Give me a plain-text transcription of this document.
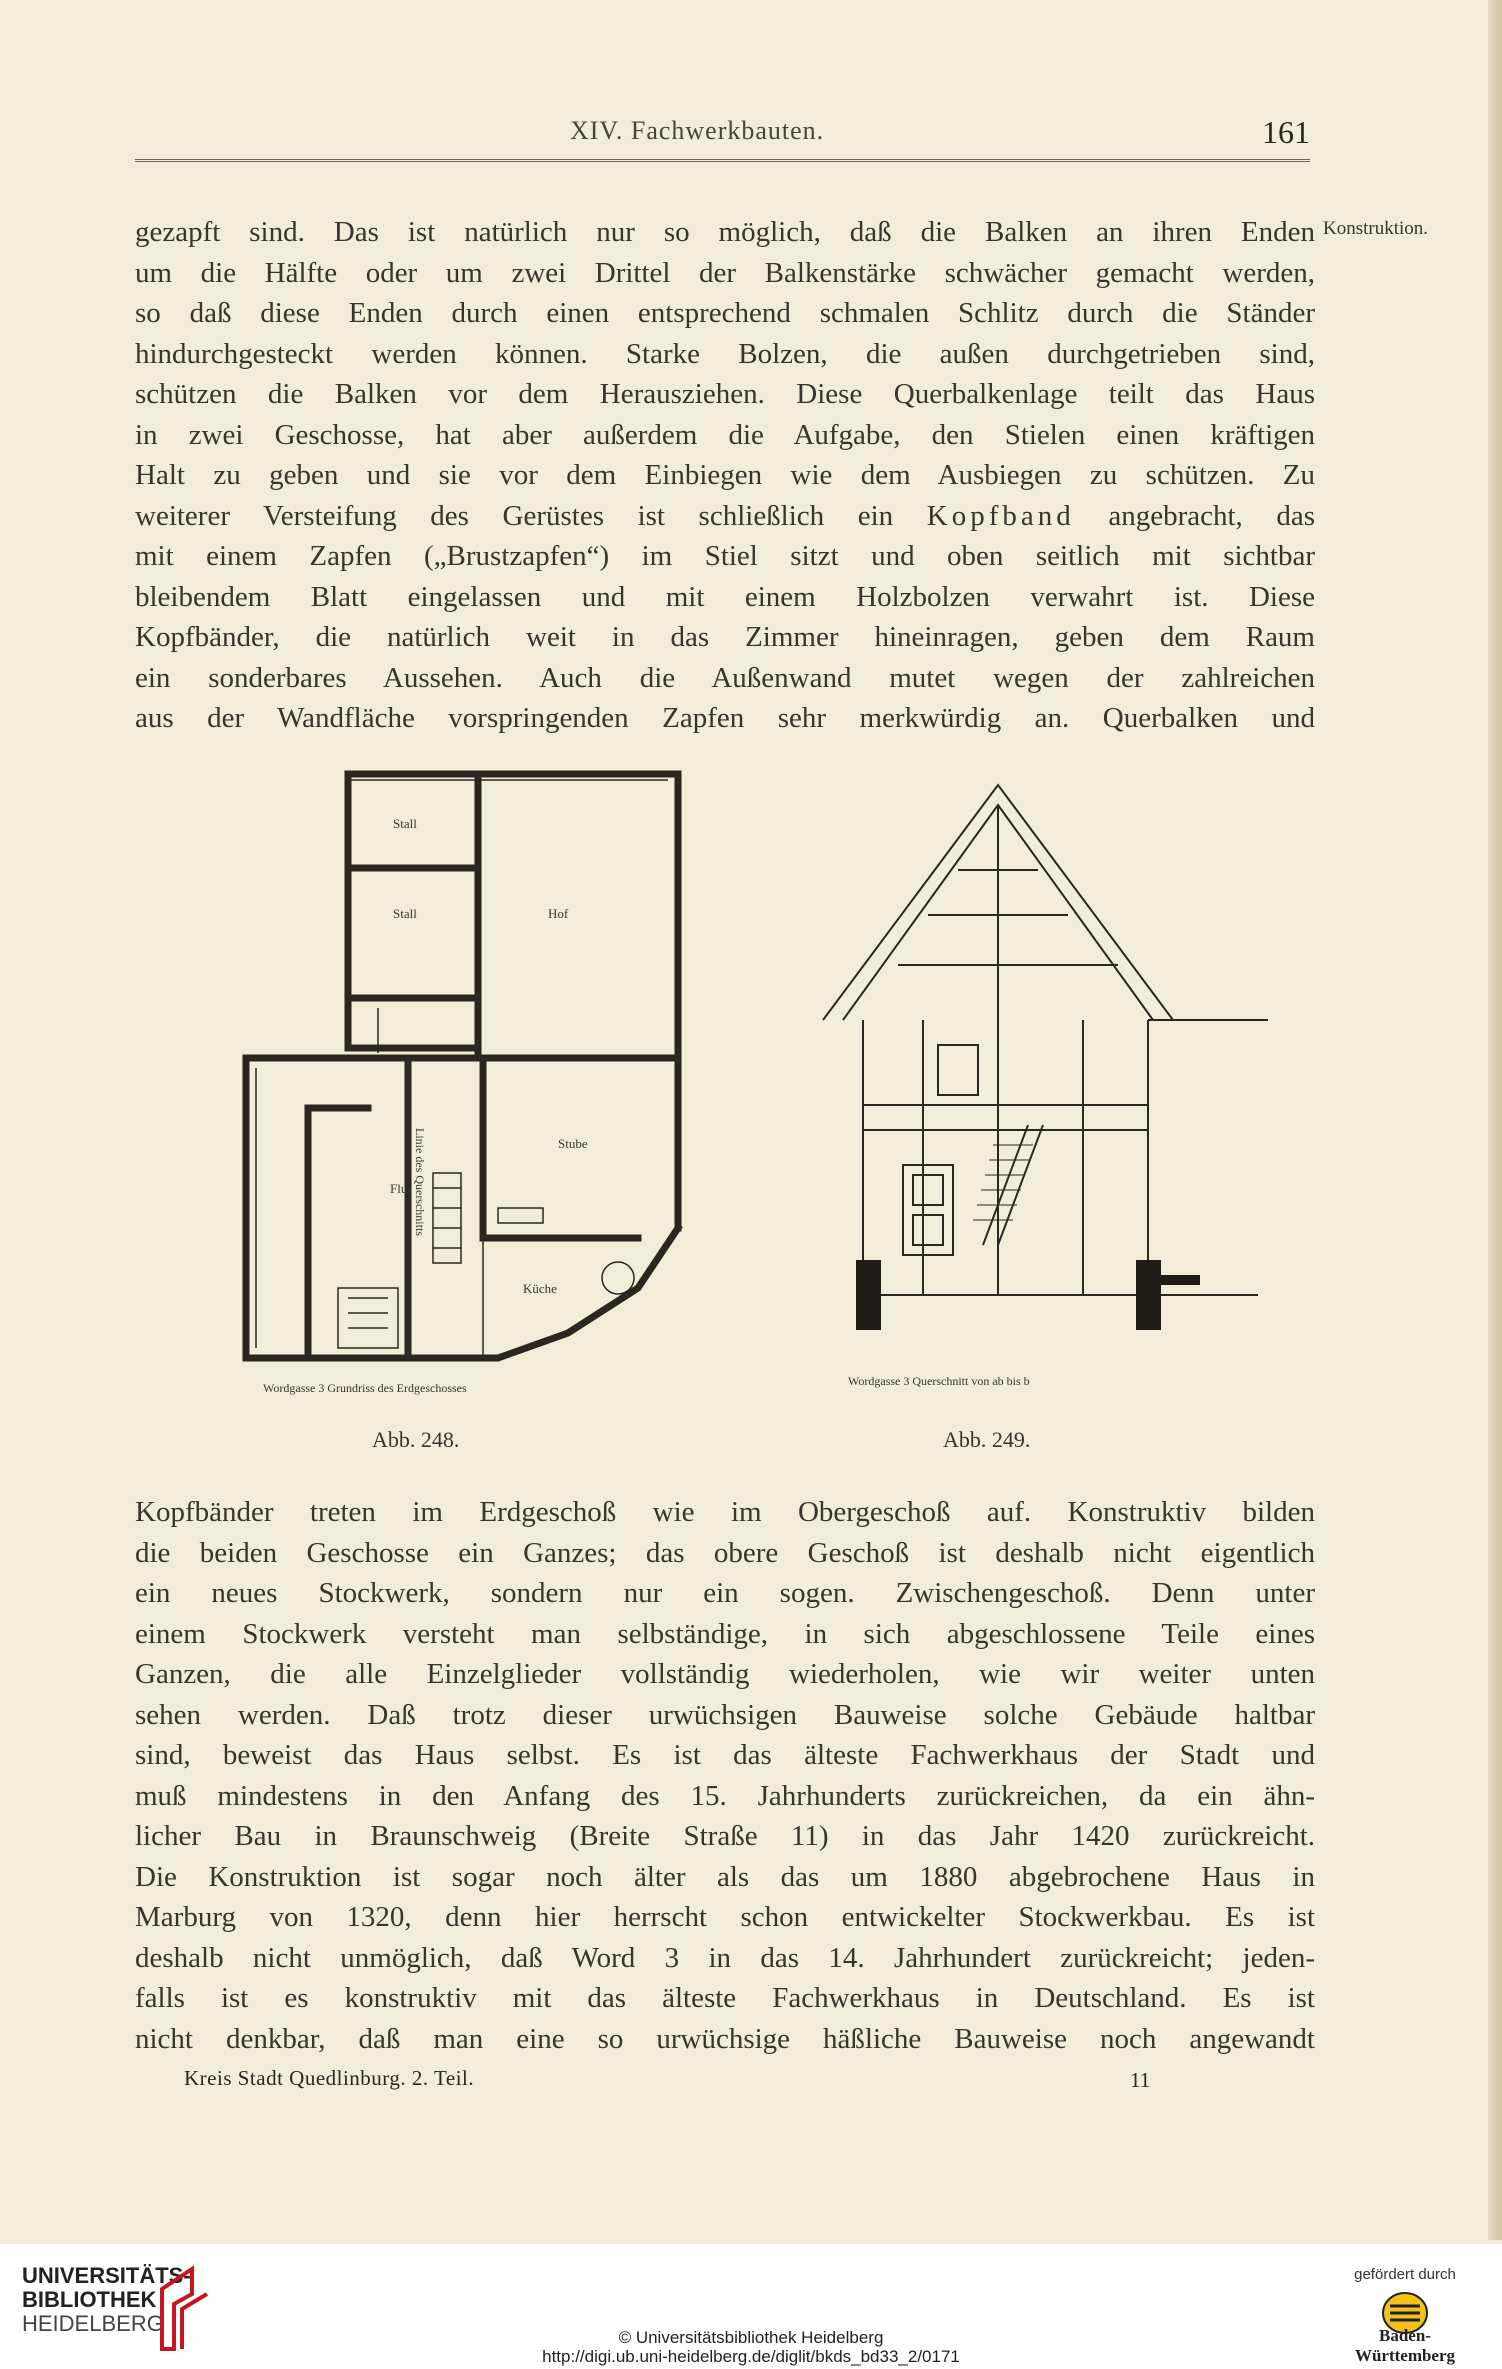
XIV. Fachwerkbauten.	161
Konstruktion.
gezapft sind. Das ist natürlich nur so möglich, daß die Balken an ihren Enden
um die Hälfte oder um zwei Drittel der Balkenstärke schwächer gemacht werden,
so daß diese Enden durch einen entsprechend schmalen Schlitz durch die Ständer
hindurchgesteckt werden können. Starke Bolzen, die außen durchgetrieben sind,
schützen die Balken vor dem Herausziehen. Diese Querbalkenlage teilt das Haus
in zwei Geschosse, hat aber außerdem die Aufgabe, den Stielen einen kräftigen
Halt zu geben und sie vor dem Einbiegen wie dem Ausbiegen zu schützen. Zu
weiterer Versteifung des Gerüstes ist schließlich ein Kopfband angebracht, das
mit einem Zapfen („Brustzapfen“) im Stiel sitzt und oben seitlich mit sichtbar
bleibendem Blatt eingelassen und mit einem Holzbolzen verwahrt ist. Diese
Kopfbänder, die natürlich weit in das Zimmer hineinragen, geben dem Raum
ein sonderbares Aussehen. Auch die Außenwand mutet wegen der zahlreichen
aus der Wandfläche vorspringenden Zapfen sehr merkwürdig an. Querbalken und
Stall
Stall	Hof
Stube
Flur
Küche
Linie des Querschnitts
Wordgasse 3 Grundriss des Erdgeschosses
Abb. 248.
Wordgasse 3 Querschnitt von ab bis b
Abb. 249.
Kopfbänder treten im Erdgeschoß wie im Obergeschoß auf. Konstruktiv bilden
die beiden Geschosse ein Ganzes; das obere Geschoß ist deshalb nicht eigentlich
ein neues Stockwerk, sondern nur ein sogen. Zwischengeschoß. Denn unter
einem Stockwerk versteht man selbständige, in sich abgeschlossene Teile eines
Ganzen, die alle Einzelglieder vollständig wiederholen, wie wir weiter unten
sehen werden. Daß trotz dieser urwüchsigen Bauweise solche Gebäude haltbar
sind, beweist das Haus selbst. Es ist das älteste Fachwerkhaus der Stadt und
muß mindestens in den Anfang des 15. Jahrhunderts zurückreichen, da ein ähn-
licher Bau in Braunschweig (Breite Straße 11) in das Jahr 1420 zurückreicht.
Die Konstruktion ist sogar noch älter als das um 1880 abgebrochene Haus in
Marburg von 1320, denn hier herrscht schon entwickelter Stockwerkbau. Es ist
deshalb nicht unmöglich, daß Word 3 in das 14. Jahrhundert zurückreicht; jeden-
falls ist es konstruktiv mit das älteste Fachwerkhaus in Deutschland. Es ist
nicht denkbar, daß man eine so urwüchsige häßliche Bauweise noch angewandt
Kreis Stadt Quedlinburg. 2. Teil.	11
UNIVERSITÄTS-
BIBLIOTHEK
HEIDELBERG
© Universitätsbibliothek Heidelberg
http://digi.ub.uni-heidelberg.de/diglit/bkds_bd33_2/0171
gefördert durch
Baden-Württemberg
